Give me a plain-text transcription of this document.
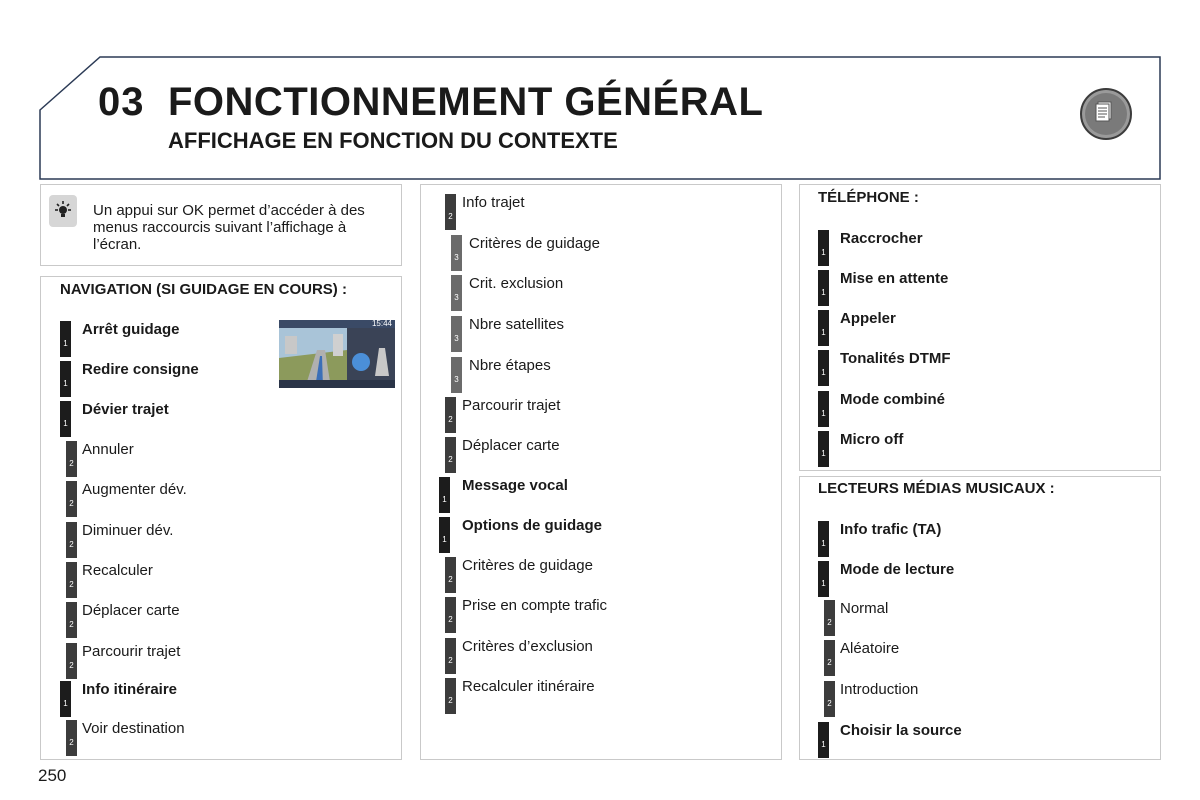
03 FONCTIONNEMENT GÉNÉRAL
AFFICHAGE EN FONCTION DU CONTEXTE
Un appui sur OK permet d’accéder à des menus raccourcis suivant l’affichage à l’écran.
NAVIGATION (SI GUIDAGE EN COURS) :
15:44
1
Arrêt guidage
1
Redire consigne
1
Dévier trajet
2
Annuler
2
Augmenter dév.
2
Diminuer dév.
2
Recalculer
2
Déplacer carte
2
Parcourir trajet
1
Info itinéraire
2
Voir destination
2
Info trajet
3
Critères de guidage
3
Crit. exclusion
3
Nbre satellites
3
Nbre étapes
2
Parcourir trajet
2
Déplacer carte
1
Message vocal
1
Options de guidage
2
Critères de guidage
2
Prise en compte trafic
2
Critères d’exclusion
2
Recalculer itinéraire
TÉLÉPHONE :
1
Raccrocher
1
Mise en attente
1
Appeler
1
Tonalités DTMF
1
Mode combiné
1
Micro off
LECTEURS MÉDIAS MUSICAUX :
1
Info trafic (TA)
1
Mode de lecture
2
Normal
2
Aléatoire
2
Introduction
1
Choisir la source
250
